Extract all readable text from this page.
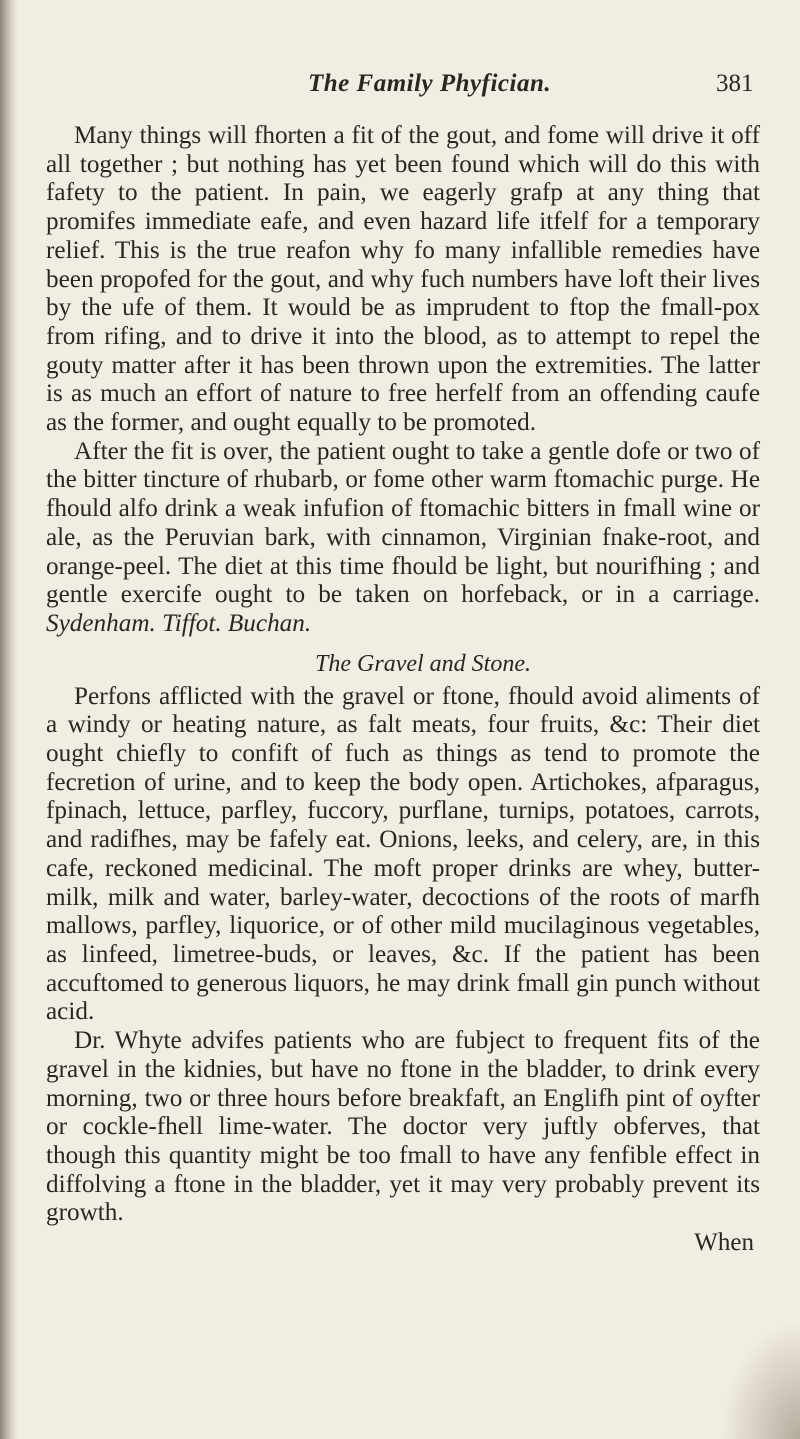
The Family Phyfician.	381

Many things will fhorten a fit of the gout, and fome will drive it off all together ; but nothing has yet been found which will do this with fafety to the patient. In pain, we eagerly grafp at any thing that promifes immediate eafe, and even hazard life itfelf for a temporary relief. This is the true reafon why fo many infallible remedies have been propofed for the gout, and why fuch numbers have loft their lives by the ufe of them. It would be as imprudent to ftop the fmall-pox from rifing, and to drive it into the blood, as to attempt to repel the gouty matter after it has been thrown upon the extremities. The latter is as much an effort of nature to free herfelf from an offending caufe as the former, and ought equally to be promoted.

After the fit is over, the patient ought to take a gentle dofe or two of the bitter tincture of rhubarb, or fome other warm ftomachic purge. He fhould alfo drink a weak infufion of ftomachic bitters in fmall wine or ale, as the Peruvian bark, with cinnamon, Virginian fnake-root, and orange-peel. The diet at this time fhould be light, but nourifhing ; and gentle exercife ought to be taken on horfeback, or in a carriage. Sydenham. Tiffot. Buchan.

The Gravel and Stone.

Perfons afflicted with the gravel or ftone, fhould avoid aliments of a windy or heating nature, as falt meats, four fruits, &c: Their diet ought chiefly to confift of fuch as things as tend to promote the fecretion of urine, and to keep the body open. Artichokes, afparagus, fpinach, lettuce, parfley, fuccory, purflane, turnips, potatoes, carrots, and radifhes, may be fafely eat. Onions, leeks, and celery, are, in this cafe, reckoned medicinal. The moft proper drinks are whey, butter-milk, milk and water, barley-water, decoctions of the roots of marfh mallows, parfley, liquorice, or of other mild mucilaginous vegetables, as linfeed, limetree-buds, or leaves, &c. If the patient has been accuftomed to generous liquors, he may drink fmall gin punch without acid.

Dr. Whyte advifes patients who are fubject to frequent fits of the gravel in the kidnies, but have no ftone in the bladder, to drink every morning, two or three hours before breakfaft, an Englifh pint of oyfter or cockle-fhell lime-water. The doctor very juftly obferves, that though this quantity might be too fmall to have any fenfible effect in diffolving a ftone in the bladder, yet it may very probably prevent its growth.

When
